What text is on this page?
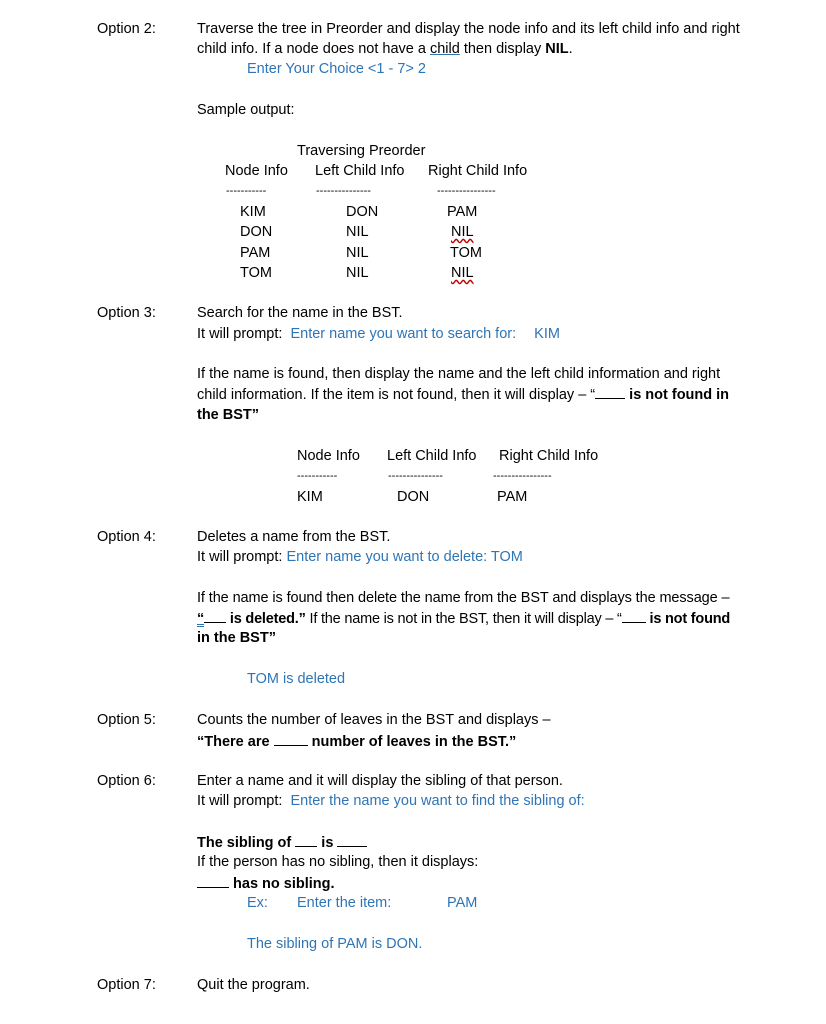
Option 2:	Traverse the tree in Preorder and display the node info and its left child info and right
child info. If a node does not have a child then display NIL.
Enter Your Choice <1 - 7> 2
Sample output:
Traversing Preorder
Node Info Left Child Info Right Child Info
-----------	---------------	----------------
KIM	DON	PAM
DON	NIL	NIL
PAM	NIL	TOM
TOM	NIL	NIL
Option 3:	Search for the name in the BST.
It will prompt: Enter name you want to search for: KIM
If the name is found, then display the name and the left child information and right
child information. If the item is not found, then it will display – “ is not found in
the BST”
Node Info Left Child Info Right Child Info
-----------	---------------	----------------
KIM	DON	PAM
Option 4:	Deletes a name from the BST.
It will prompt: Enter name you want to delete: TOM
If the name is found then delete the name from the BST and displays the message –
“ is deleted.” If the name is not in the BST, then it will display – “ is not found
in the BST”
TOM is deleted
Option 5:	Counts the number of leaves in the BST and displays –
“There are  number of leaves in the BST.”
Option 6:	Enter a name and it will display the sibling of that person.
It will prompt: Enter the name you want to find the sibling of:
The sibling of  is
If the person has no sibling, then it displays:
has no sibling.
Ex: Enter the item:	PAM
The sibling of PAM is DON.
Option 7:	Quit the program.
